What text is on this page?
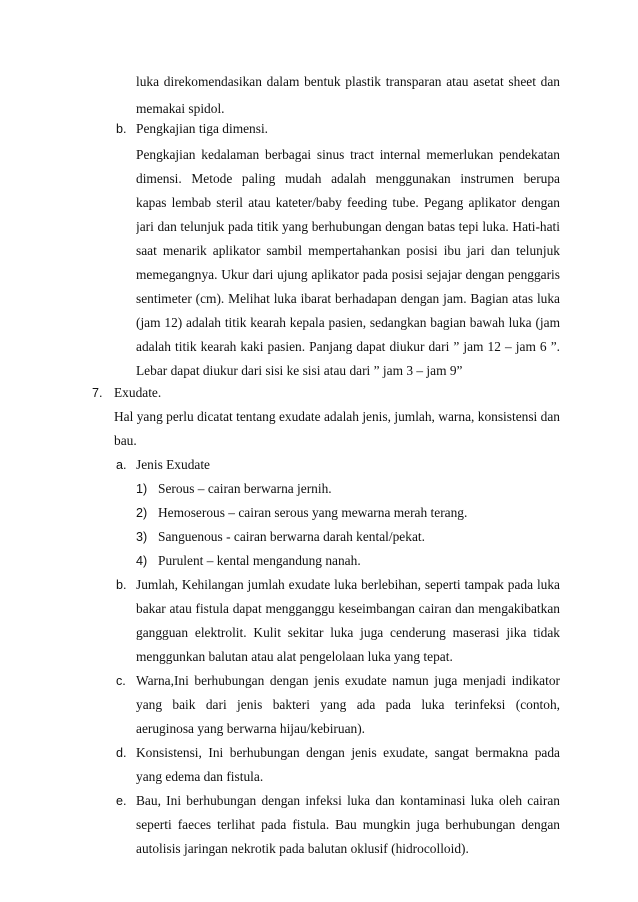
luka direkomendasikan dalam bentuk plastik transparan atau asetat sheet dan
memakai spidol.
b. Pengkajian tiga dimensi.
Pengkajian kedalaman berbagai sinus tract internal memerlukan pendekatan
dimensi. Metode paling mudah adalah menggunakan instrumen berupa
kapas lembab steril atau kateter/baby feeding tube. Pegang aplikator dengan
jari dan telunjuk pada titik yang berhubungan dengan batas tepi luka. Hati-hati
saat menarik aplikator sambil mempertahankan posisi ibu jari dan telunjuk
memegangnya. Ukur dari ujung aplikator pada posisi sejajar dengan penggaris
sentimeter (cm). Melihat luka ibarat berhadapan dengan jam. Bagian atas luka
(jam 12) adalah titik kearah kepala pasien, sedangkan bagian bawah luka (jam
adalah titik kearah kaki pasien. Panjang dapat diukur dari ” jam 12 – jam 6 ”.
Lebar dapat diukur dari sisi ke sisi atau dari ” jam 3 – jam 9”
7. Exudate.
Hal yang perlu dicatat tentang exudate adalah jenis, jumlah, warna, konsistensi dan
bau.
a. Jenis Exudate
1) Serous – cairan berwarna jernih.
2) Hemoserous – cairan serous yang mewarna merah terang.
3) Sanguenous - cairan berwarna darah kental/pekat.
4) Purulent – kental mengandung nanah.
b. Jumlah, Kehilangan jumlah exudate luka berlebihan, seperti tampak pada luka
bakar atau fistula dapat mengganggu keseimbangan cairan dan mengakibatkan
gangguan elektrolit. Kulit sekitar luka juga cenderung maserasi jika tidak
menggunkan balutan atau alat pengelolaan luka yang tepat.
c. Warna,Ini berhubungan dengan jenis exudate namun juga menjadi indikator
yang baik dari jenis bakteri yang ada pada luka terinfeksi (contoh,
aeruginosa yang berwarna hijau/kebiruan).
d. Konsistensi, Ini berhubungan dengan jenis exudate, sangat bermakna pada
yang edema dan fistula.
e. Bau, Ini berhubungan dengan infeksi luka dan kontaminasi luka oleh cairan
seperti faeces terlihat pada fistula. Bau mungkin juga berhubungan dengan
autolisis jaringan nekrotik pada balutan oklusif (hidrocolloid).
